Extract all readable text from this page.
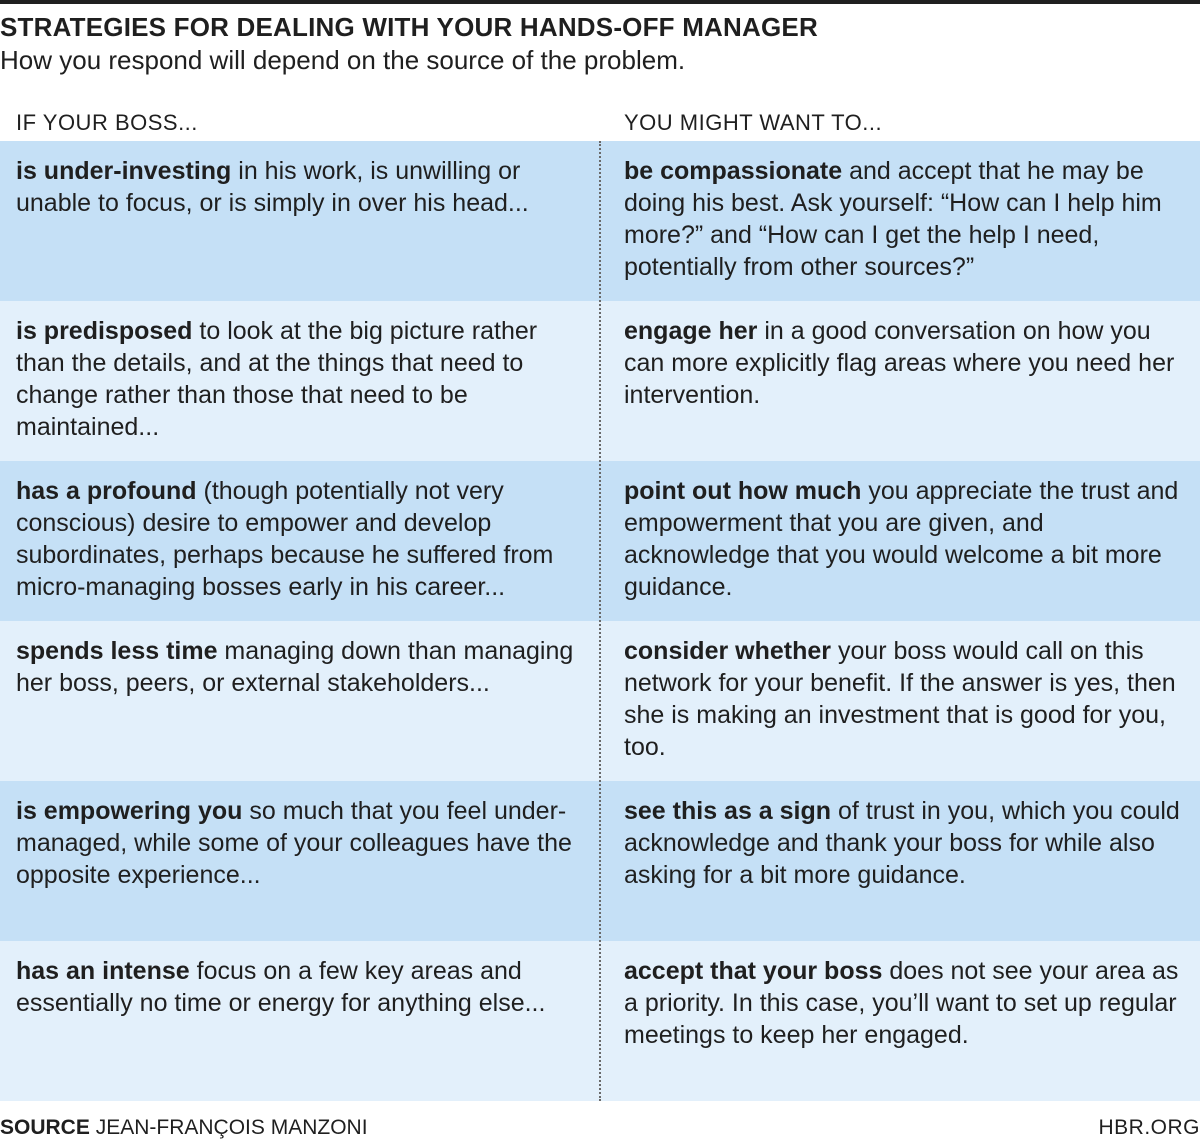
STRATEGIES FOR DEALING WITH YOUR HANDS-OFF MANAGER
How you respond will depend on the source of the problem.
IF YOUR BOSS...	YOU MIGHT WANT TO...
is under-investing in his work, is unwilling or unable to focus, or is simply in over his head...
be compassionate and accept that he may be doing his best. Ask yourself: “How can I help him more?” and “How can I get the help I need, potentially from other sources?”
is predisposed to look at the big picture rather than the details, and at the things that need to change rather than those that need to be maintained...
engage her in a good conversation on how you can more explicitly flag areas where you need her intervention.
has a profound (though potentially not very conscious) desire to empower and develop subordinates, perhaps because he suffered from micro-managing bosses early in his career...
point out how much you appreciate the trust and empowerment that you are given, and acknowledge that you would welcome a bit more guidance.
spends less time managing down than managing her boss, peers, or external stakeholders...
consider whether your boss would call on this network for your benefit. If the answer is yes, then she is making an investment that is good for you, too.
is empowering you so much that you feel under-managed, while some of your colleagues have the opposite experience...
see this as a sign of trust in you, which you could acknowledge and thank your boss for while also asking for a bit more guidance.
has an intense focus on a few key areas and essentially no time or energy for anything else...
accept that your boss does not see your area as a priority. In this case, you’ll want to set up regular meetings to keep her engaged.
SOURCE JEAN-FRANÇOIS MANZONI	HBR.ORG
